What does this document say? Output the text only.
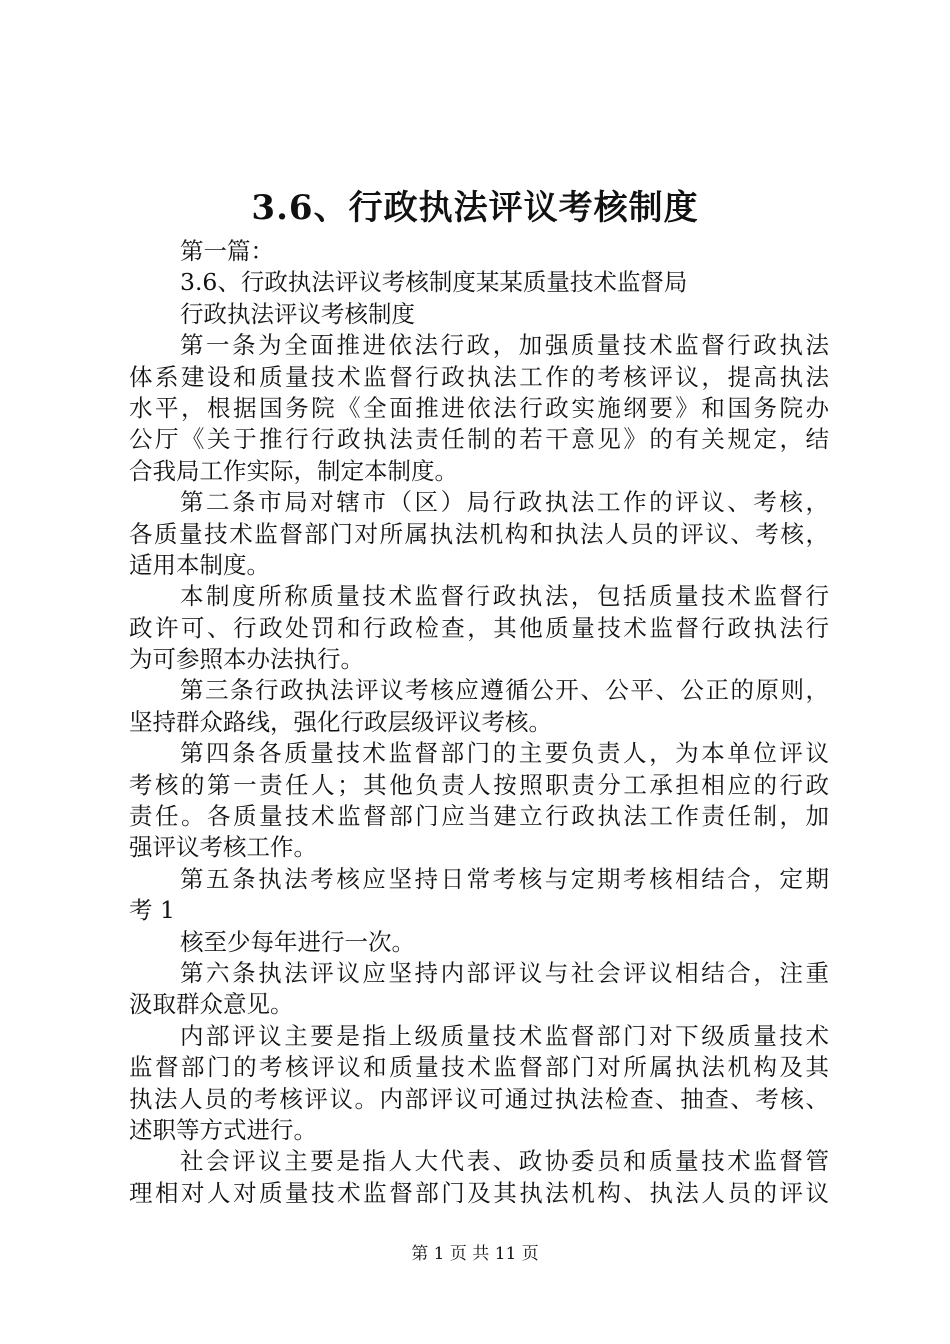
3.6、行政执法评议考核制度
第一篇：
3.6、行政执法评议考核制度某某质量技术监督局
行政执法评议考核制度
第一条为全面推进依法行政，加强质量技术监督行政执法
体系建设和质量技术监督行政执法工作的考核评议，提高执法
水平，根据国务院《全面推进依法行政实施纲要》和国务院办
公厅《关于推行行政执法责任制的若干意见》的有关规定，结
合我局工作实际，制定本制度。
第二条市局对辖市（区）局行政执法工作的评议、考核，
各质量技术监督部门对所属执法机构和执法人员的评议、考核，
适用本制度。
本制度所称质量技术监督行政执法，包括质量技术监督行
政许可、行政处罚和行政检查，其他质量技术监督行政执法行
为可参照本办法执行。
第三条行政执法评议考核应遵循公开、公平、公正的原则，
坚持群众路线，强化行政层级评议考核。
第四条各质量技术监督部门的主要负责人，为本单位评议
考核的第一责任人；其他负责人按照职责分工承担相应的行政
责任。各质量技术监督部门应当建立行政执法工作责任制，加
强评议考核工作。
第五条执法考核应坚持日常考核与定期考核相结合，定期
考 1
核至少每年进行一次。
第六条执法评议应坚持内部评议与社会评议相结合，注重
汲取群众意见。
内部评议主要是指上级质量技术监督部门对下级质量技术
监督部门的考核评议和质量技术监督部门对所属执法机构及其
执法人员的考核评议。内部评议可通过执法检查、抽查、考核、
述职等方式进行。
社会评议主要是指人大代表、政协委员和质量技术监督管
理相对人对质量技术监督部门及其执法机构、执法人员的评议
第 1 页 共 11 页
